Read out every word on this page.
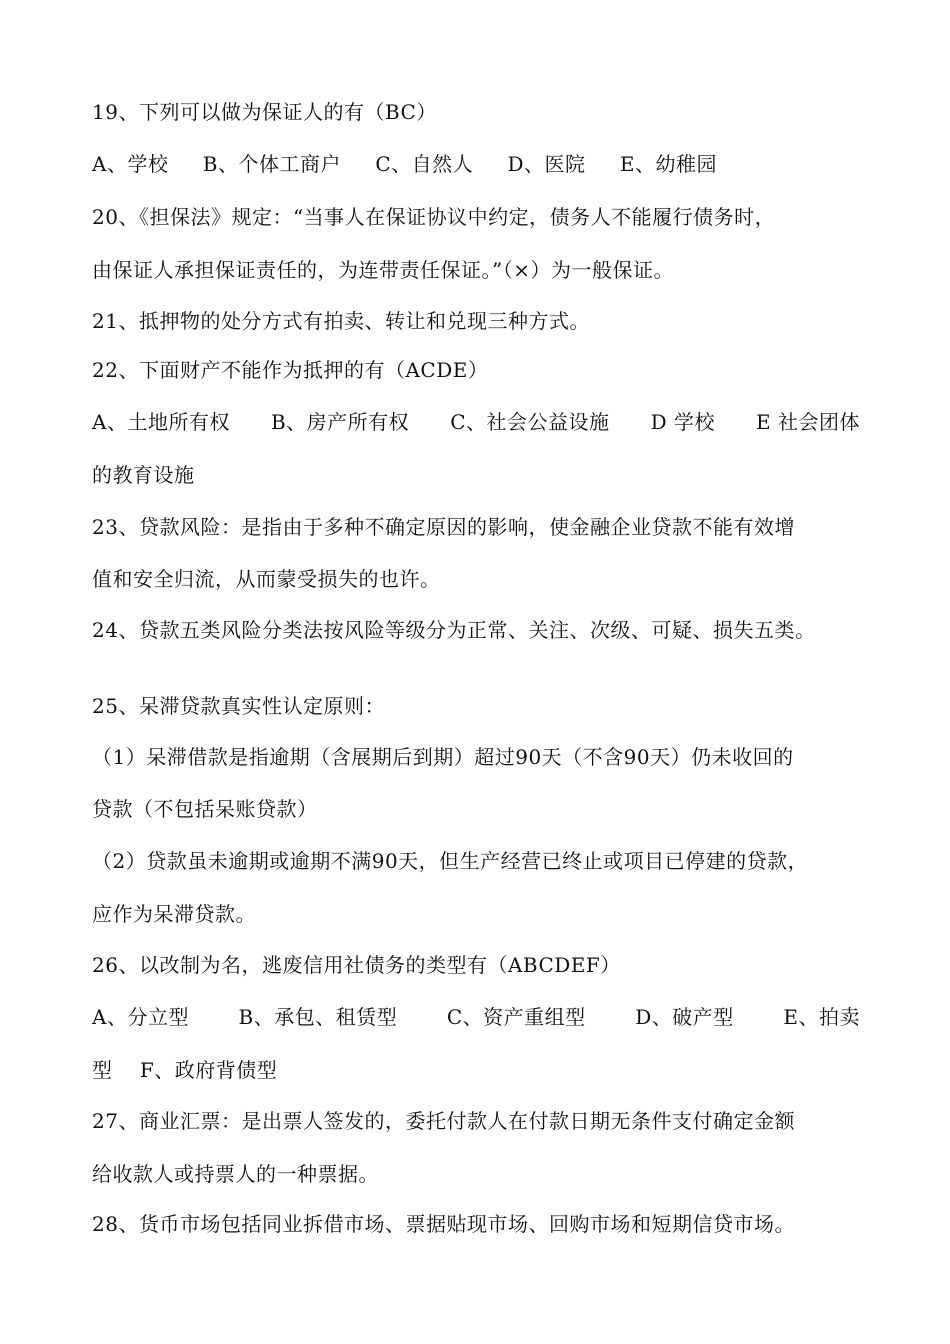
19、下列可以做为保证人的有（BC）
A、学校 B、个体工商户 C、自然人 D、医院 E、幼稚园
20、《担保法》规定：“当事人在保证协议中约定，债务人不能履行债务时，
由保证人承担保证责任的，为连带责任保证。”（×）为一般保证。
21、抵押物的处分方式有拍卖、转让和兑现三种方式。
22、下面财产不能作为抵押的有（ACDE）
A、土地所有权 B、房产所有权 C、社会公益设施 D 学校 E 社会团体
的教育设施
23、贷款风险：是指由于多种不确定原因的影响，使金融企业贷款不能有效增
值和安全归流，从而蒙受损失的也许。
24、贷款五类风险分类法按风险等级分为正常、关注、次级、可疑、损失五类。
25、呆滞贷款真实性认定原则：
（1）呆滞借款是指逾期（含展期后到期）超过90天（不含90天）仍未收回的
贷款（不包括呆账贷款）
（2）贷款虽未逾期或逾期不满90天，但生产经营已终止或项目已停建的贷款，
应作为呆滞贷款。
26、以改制为名，逃废信用社债务的类型有（ABCDEF）
A、分立型 B、承包、租赁型 C、资产重组型 D、破产型 E、拍卖
型　 F、政府背债型
27、商业汇票：是出票人签发的，委托付款人在付款日期无条件支付确定金额
给收款人或持票人的一种票据。
28、货币市场包括同业拆借市场、票据贴现市场、回购市场和短期信贷市场。
